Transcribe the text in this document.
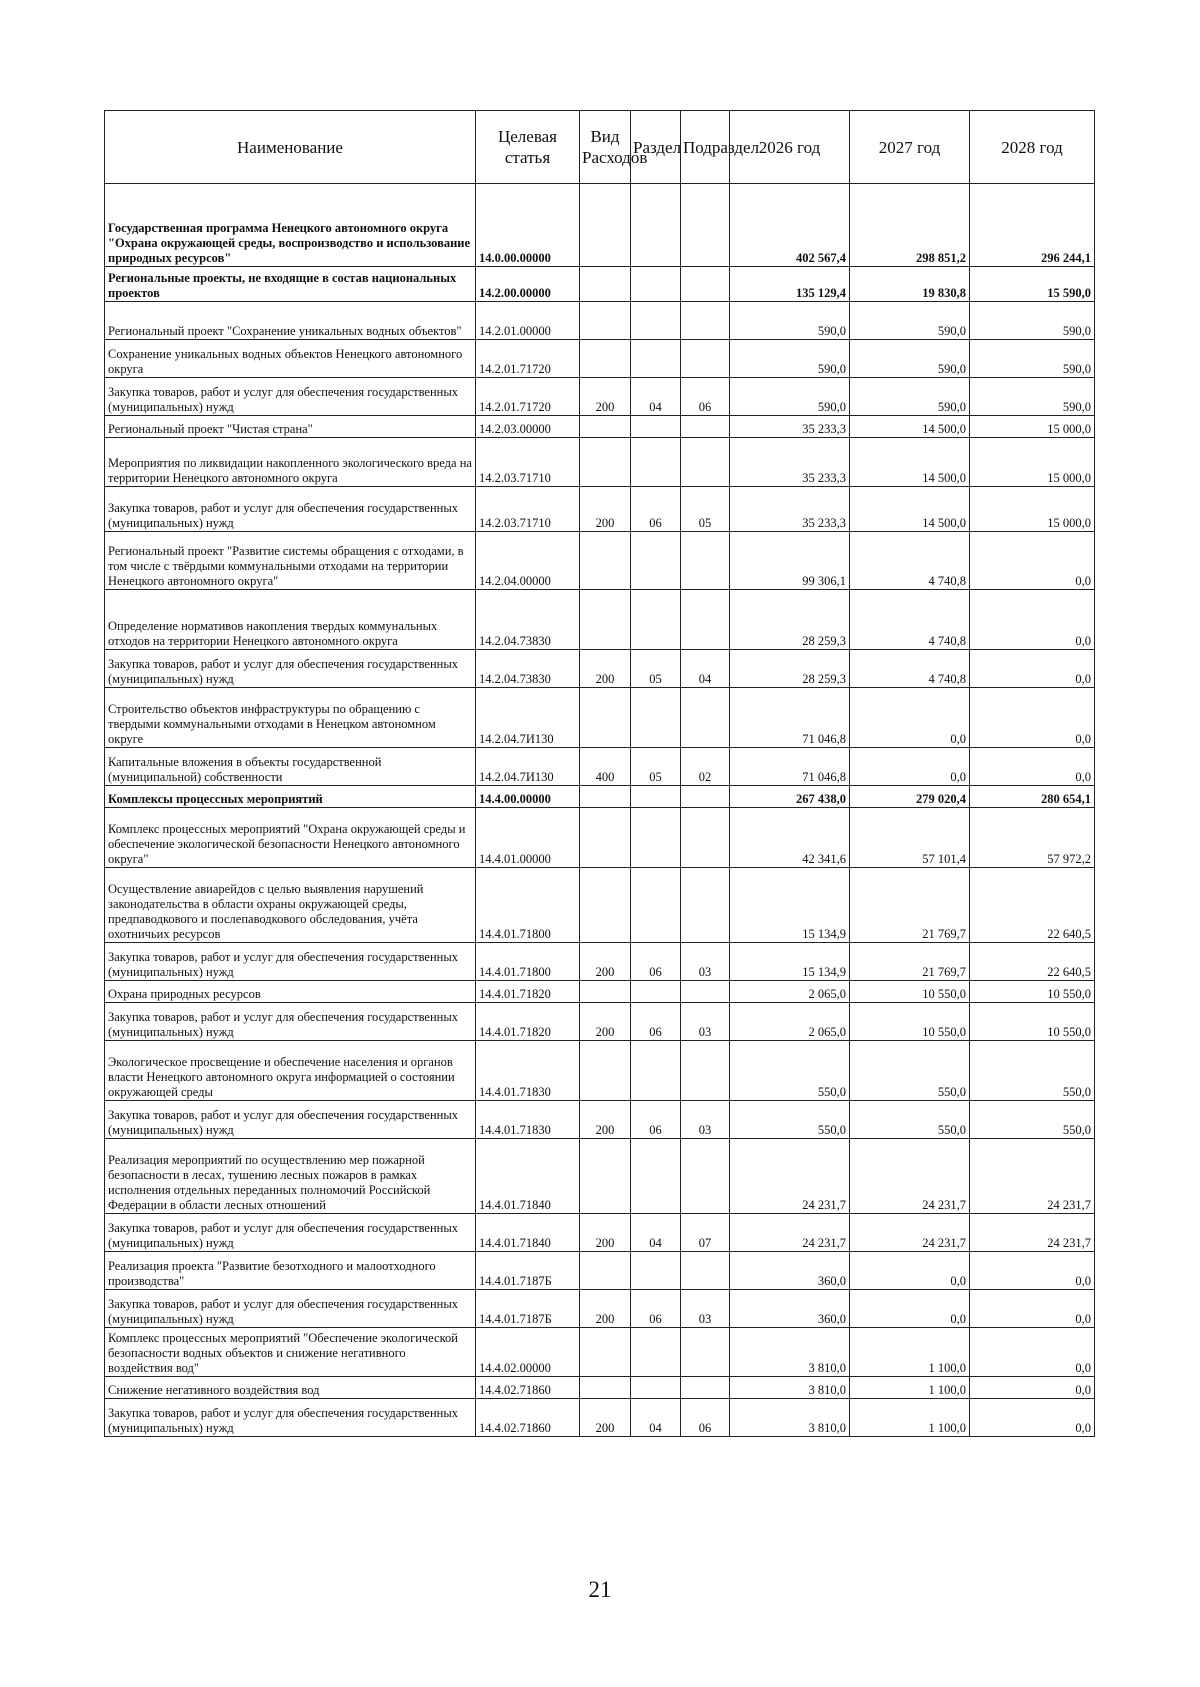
Наименование	Целевая статья	Вид Расходов	Раздел	Подраздел	2026 год	2027 год	2028 год
Государственная программа Ненецкого автономного округа "Охрана окружающей среды, воспроизводство и использование природных ресурсов"	14.0.00.00000				402 567,4	298 851,2	296 244,1
Региональные проекты, не входящие в состав национальных проектов	14.2.00.00000				135 129,4	19 830,8	15 590,0
Региональный проект "Сохранение уникальных водных объектов"	14.2.01.00000				590,0	590,0	590,0
Сохранение уникальных водных объектов Ненецкого автономного округа	14.2.01.71720				590,0	590,0	590,0
Закупка товаров, работ и услуг для обеспечения государственных (муниципальных) нужд	14.2.01.71720	200	04	06	590,0	590,0	590,0
Региональный проект "Чистая страна"	14.2.03.00000				35 233,3	14 500,0	15 000,0
Мероприятия по ликвидации накопленного экологического вреда на территории Ненецкого автономного округа	14.2.03.71710				35 233,3	14 500,0	15 000,0
Закупка товаров, работ и услуг для обеспечения государственных (муниципальных) нужд	14.2.03.71710	200	06	05	35 233,3	14 500,0	15 000,0
Региональный проект "Развитие системы обращения с отходами, в том числе с твёрдыми коммунальными отходами на территории Ненецкого автономного округа"	14.2.04.00000				99 306,1	4 740,8	0,0
Определение нормативов накопления твердых коммунальных отходов на территории Ненецкого автономного округа	14.2.04.73830				28 259,3	4 740,8	0,0
Закупка товаров, работ и услуг для обеспечения государственных (муниципальных) нужд	14.2.04.73830	200	05	04	28 259,3	4 740,8	0,0
Строительство объектов инфраструктуры по обращению с твердыми коммунальными отходами в Ненецком автономном округе	14.2.04.7И130				71 046,8	0,0	0,0
Капитальные вложения в объекты государственной (муниципальной) собственности	14.2.04.7И130	400	05	02	71 046,8	0,0	0,0
Комплексы процессных мероприятий	14.4.00.00000				267 438,0	279 020,4	280 654,1
Комплекс процессных мероприятий "Охрана окружающей среды и обеспечение экологической безопасности Ненецкого автономного округа"	14.4.01.00000				42 341,6	57 101,4	57 972,2
Осуществление авиарейдов с целью выявления нарушений законодательства в области охраны окружающей среды, предпаводкового и послепаводкового обследования, учёта охотничьих ресурсов	14.4.01.71800				15 134,9	21 769,7	22 640,5
Закупка товаров, работ и услуг для обеспечения государственных (муниципальных) нужд	14.4.01.71800	200	06	03	15 134,9	21 769,7	22 640,5
Охрана природных ресурсов	14.4.01.71820				2 065,0	10 550,0	10 550,0
Закупка товаров, работ и услуг для обеспечения государственных (муниципальных) нужд	14.4.01.71820	200	06	03	2 065,0	10 550,0	10 550,0
Экологическое просвещение и обеспечение населения и органов власти Ненецкого автономного округа информацией о состоянии окружающей среды	14.4.01.71830				550,0	550,0	550,0
Закупка товаров, работ и услуг для обеспечения государственных (муниципальных) нужд	14.4.01.71830	200	06	03	550,0	550,0	550,0
Реализация мероприятий по осуществлению мер пожарной безопасности в лесах, тушению лесных пожаров в рамках исполнения отдельных переданных полномочий Российской Федерации в области лесных отношений	14.4.01.71840				24 231,7	24 231,7	24 231,7
Закупка товаров, работ и услуг для обеспечения государственных (муниципальных) нужд	14.4.01.71840	200	04	07	24 231,7	24 231,7	24 231,7
Реализация проекта "Развитие безотходного и малоотходного производства"	14.4.01.7187Б				360,0	0,0	0,0
Закупка товаров, работ и услуг для обеспечения государственных (муниципальных) нужд	14.4.01.7187Б	200	06	03	360,0	0,0	0,0
Комплекс процессных мероприятий "Обеспечение экологической безопасности водных объектов и снижение негативного воздействия вод"	14.4.02.00000				3 810,0	1 100,0	0,0
Снижение негативного воздействия вод	14.4.02.71860				3 810,0	1 100,0	0,0
Закупка товаров, работ и услуг для обеспечения государственных (муниципальных) нужд	14.4.02.71860	200	04	06	3 810,0	1 100,0	0,0
21
